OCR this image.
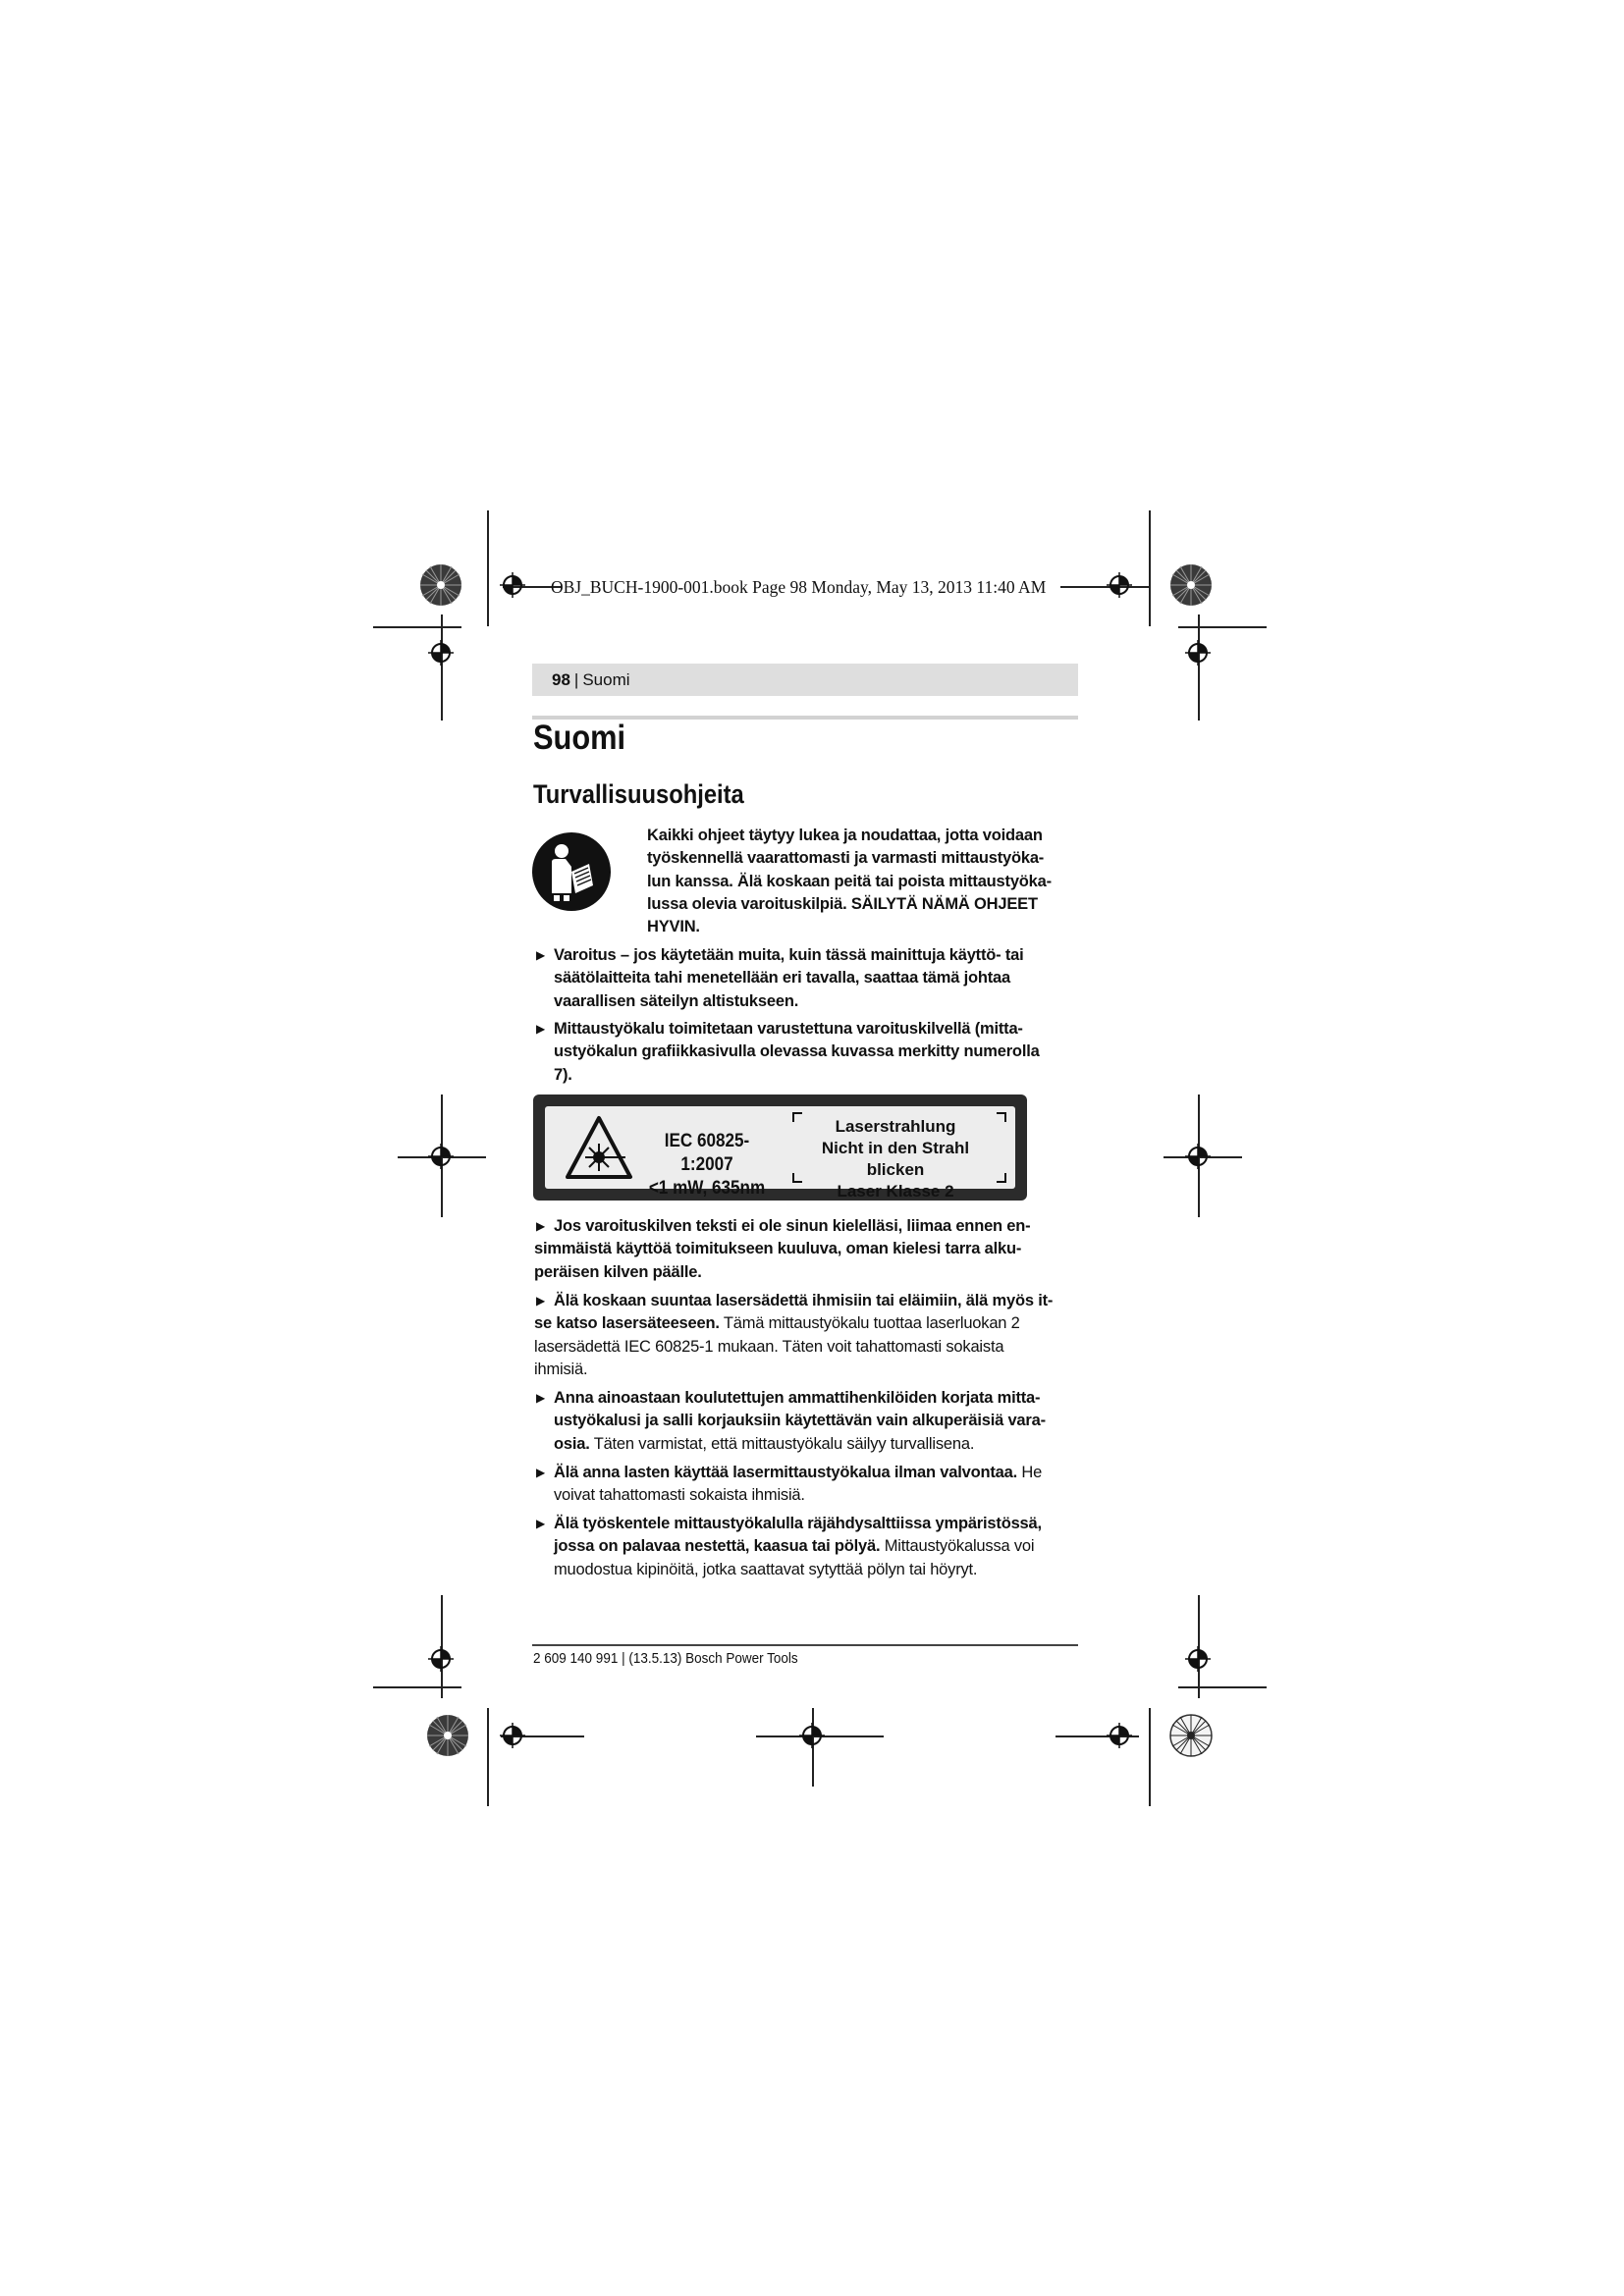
OBJ_BUCH-1900-001.book Page 98 Monday, May 13, 2013 11:40 AM
98 | Suomi
Suomi
Turvallisuusohjeita
Kaikki ohjeet täytyy lukea ja noudattaa, jotta voidaan
työskennellä vaarattomasti ja varmasti mittaustyöka-
lun kanssa. Älä koskaan peitä tai poista mittaustyöka-
lussa olevia varoituskilpiä. SÄILYTÄ NÄMÄ OHJEET
HYVIN.
▶ Varoitus – jos käytetään muita, kuin tässä mainittuja käyttö- tai
säätölaitteita tahi menetellään eri tavalla, saattaa tämä johtaa
vaarallisen säteilyn altistukseen.
▶ Mittaustyökalu toimitetaan varustettuna varoituskilvellä (mitta-
ustyökalun grafiikkasivulla olevassa kuvassa merkitty numerolla
7).
IEC 60825-1:2007
<1 mW, 635nm
Laserstrahlung
Nicht in den Strahl blicken
Laser Klasse 2
▶ Jos varoituskilven teksti ei ole sinun kielelläsi, liimaa ennen en-
simmäistä käyttöä toimitukseen kuuluva, oman kielesi tarra alku-
peräisen kilven päälle.
▶ Älä koskaan suuntaa lasersädettä ihmisiin tai eläimiin, älä myös it-
se katso lasersäteeseen. Tämä mittaustyökalu tuottaa laserluokan 2
lasersädettä IEC 60825-1 mukaan. Täten voit tahattomasti sokaista
ihmisiä.
▶ Anna ainoastaan koulutettujen ammattihenkilöiden korjata mitta-
ustyökalusi ja salli korjauksiin käytettävän vain alkuperäisiä vara-
osia. Täten varmistat, että mittaustyökalu säilyy turvallisena.
▶ Älä anna lasten käyttää lasermittaustyökalua ilman valvontaa. He
voivat tahattomasti sokaista ihmisiä.
▶ Älä työskentele mittaustyökalulla räjähdysalttiissa ympäristössä,
jossa on palavaa nestettä, kaasua tai pölyä. Mittaustyökalussa voi
muodostua kipinöitä, jotka saattavat sytyttää pölyn tai höyryt.
2 609 140 991 | (13.5.13) Bosch Power Tools
